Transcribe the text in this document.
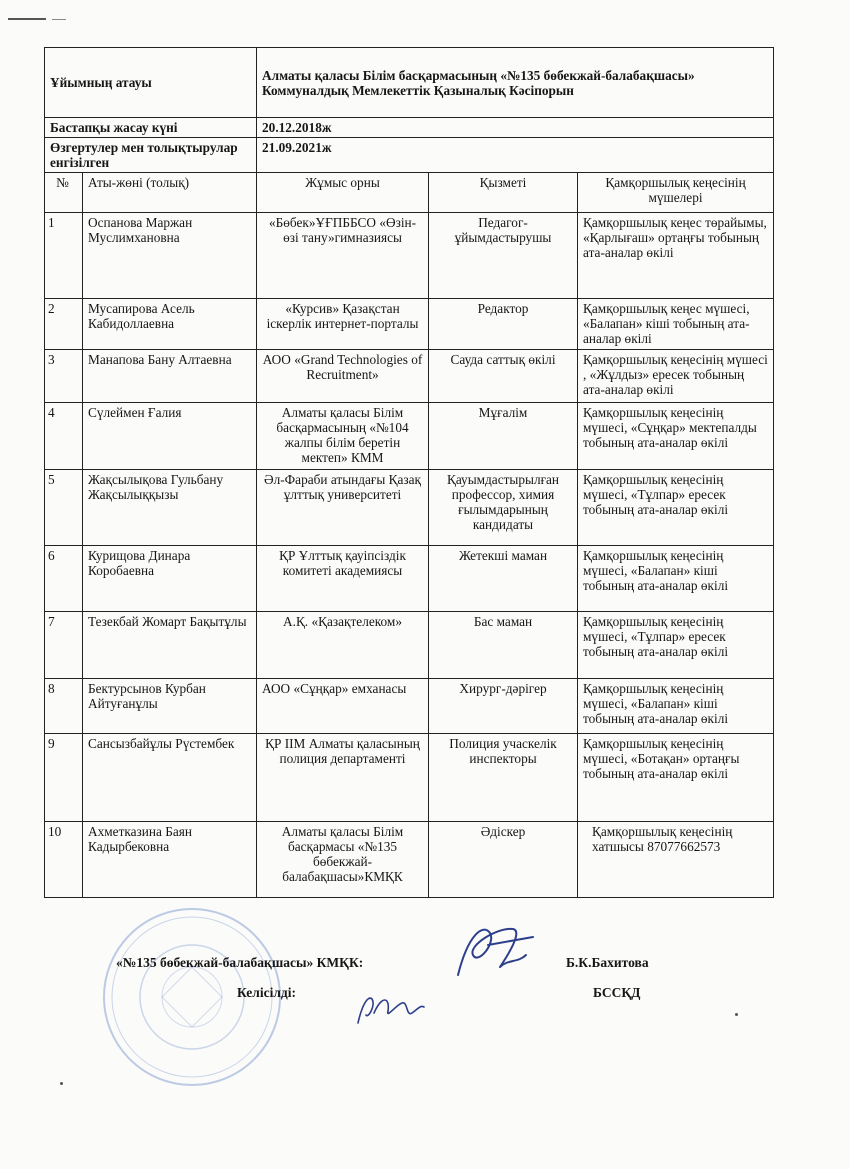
Ұйымның атауы		Алматы қаласы Білім басқармасының «№135 бөбекжай-балабақшасы» Коммуналдық Мемлекеттік Қазыналық Кәсіпорын		
Бастапқы жасау күні		20.12.2018ж		
Өзгертулер мен толықтырулар енгізілген		21.09.2021ж		
№	Аты-жөні (толық)	Жұмыс орны	Қызметі	Қамқоршылық кеңесінің мүшелері
1	Оспанова Маржан Муслимхановна	«Бөбек»ҰҒПББСО «Өзін-өзі тану»гимназиясы	Педагог-ұйымдастырушы	Қамқоршылық кеңес төрайымы, «Қарлығаш» ортаңғы тобының ата-аналар өкілі
2	Мусапирова Асель Кабидоллаевна	«Курсив» Қазақстан іскерлік интернет-порталы	Редактор	Қамқоршылық кеңес мүшесі, «Балапан» кіші тобының ата-аналар өкілі
3	Манапова Бану Алтаевна	АОО «Grand Technologies of Recruitment»	Сауда саттық өкілі	Қамқоршылық кеңесінің мүшесі , «Жұлдыз» ересек тобының ата-аналар өкілі
4	Сүлеймен Ғалия	Алматы қаласы Білім басқармасының «№104 жалпы білім беретін мектеп» КММ	Мұғалім	Қамқоршылық кеңесінің мүшесі, «Сұңқар» мектепалды тобының ата-аналар өкілі
5	Жақсылықова Гульбану Жақсылыққызы	Әл-Фараби атындағы Қазақ ұлттық университеті	Қауымдастырылған профессор, химия ғылымдарының кандидаты	Қамқоршылық кеңесінің мүшесі, «Тұлпар» ересек тобының ата-аналар өкілі
6	Курищова Динара Коробаевна	ҚР Ұлттық қауіпсіздік комитеті академиясы	Жетекші маман	Қамқоршылық кеңесінің мүшесі, «Балапан» кіші тобының ата-аналар өкілі
7	Тезекбай Жомарт Бақытұлы	А.Қ. «Қазақтелеком»	Бас маман	Қамқоршылық кеңесінің мүшесі, «Тұлпар» ересек тобының ата-аналар өкілі
8	Бектурсынов Курбан Айтуғанұлы	АОО «Сұңқар» емханасы	Хирург-дәрігер	Қамқоршылық кеңесінің мүшесі, «Балапан» кіші тобының ата-аналар өкілі
9	Сансызбайұлы Рүстембек	ҚР ІІМ Алматы қаласының полиция департаменті	Полиция учаскелік инспекторы	Қамқоршылық кеңесінің мүшесі, «Ботақан» ортаңғы тобының ата-аналар өкілі
10	Ахметказина Баян Кадырбековна	Алматы қаласы Білім басқармасы «№135 бөбекжай-балабақшасы»КМҚК	Әдіскер	Қамқоршылық кеңесінің хатшысы 87077662573
«№135 бөбекжай-балабақшасы» КМҚК:	Б.К.Бахитова
Келісілді:	БССҚД
